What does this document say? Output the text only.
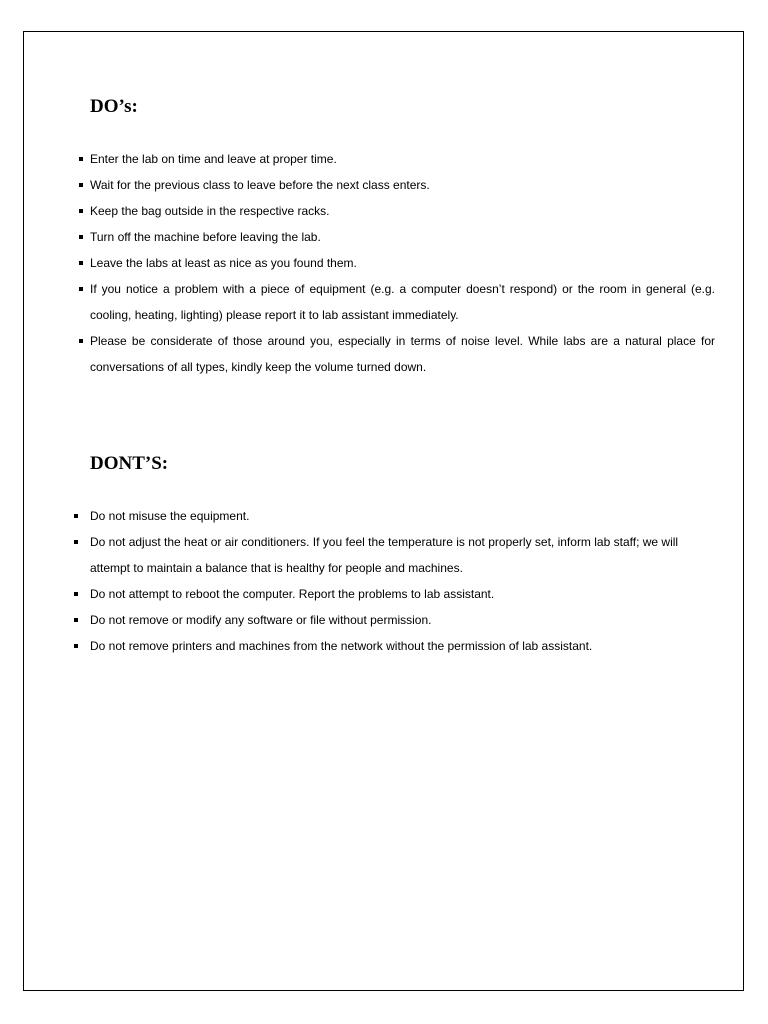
DO’s:
Enter the lab on time and leave at proper time.
Wait for the previous class to leave before the next class enters.
Keep the bag outside in the respective racks.
Turn off the machine before leaving the lab.
Leave the labs at least as nice as you found them.
If you notice a problem with a piece of equipment (e.g. a computer doesn’t respond) or the room in general (e.g. cooling, heating, lighting) please report it to lab assistant immediately.
Please be considerate of those around you, especially in terms of noise level. While labs are a natural place for conversations of all types, kindly keep the volume turned down.
DONT’S:
Do not misuse the equipment.
Do not adjust the heat or air conditioners. If you feel the temperature is not properly set, inform lab staff; we will attempt to maintain a balance that is healthy for people and machines.
Do not attempt to reboot the computer. Report the problems to lab assistant.
Do not remove or modify any software or file without permission.
Do not remove printers and machines from the network without the permission of lab assistant.
